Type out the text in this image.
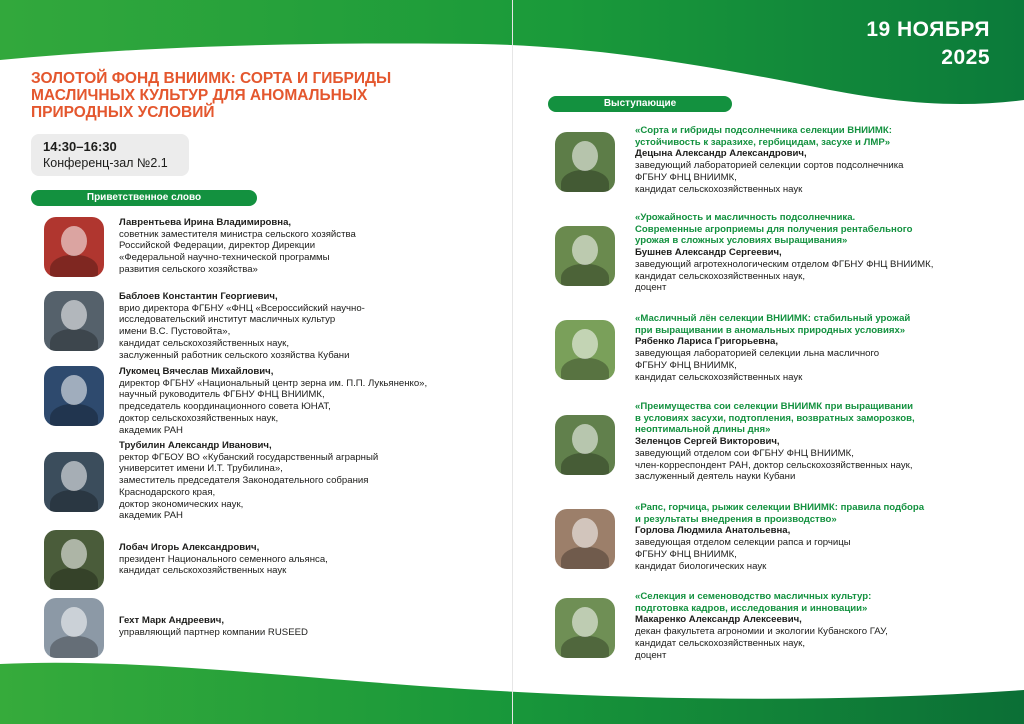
19 НОЯБРЯ
2025
ЗОЛОТОЙ ФОНД ВНИИМК: СОРТА И ГИБРИДЫ МАСЛИЧНЫХ КУЛЬТУР ДЛЯ АНОМАЛЬНЫХ ПРИРОДНЫХ УСЛОВИЙ
14:30–16:30
Конференц-зал №2.1
Приветственное слово
Выступающие
Лаврентьева Ирина Владимировна,
советник заместителя министра сельского хозяйства
Российской Федерации, директор Дирекции
«Федеральной научно-технической программы
развития сельского хозяйства»
Баблоев Константин Георгиевич,
врио директора ФГБНУ «ФНЦ «Всероссийский научно-
исследовательский институт масличных культур
имени В.С. Пустовойта»,
кандидат сельскохозяйственных наук,
заслуженный работник сельского хозяйства Кубани
Лукомец Вячеслав Михайлович,
директор ФГБНУ «Национальный центр зерна им. П.П. Лукьяненко»,
научный руководитель ФГБНУ ФНЦ ВНИИМК,
председатель координационного совета ЮНАТ,
доктор сельскохозяйственных наук,
академик РАН
Трубилин Александр Иванович,
ректор ФГБОУ ВО «Кубанский государственный аграрный
университет имени И.Т. Трубилина»,
заместитель председателя Законодательного собрания
Краснодарского края,
доктор экономических наук,
академик РАН
Лобач Игорь Александрович,
президент Национального семенного альянса,
кандидат сельскохозяйственных наук
Гехт Марк Андреевич,
управляющий партнер компании RUSEED
«Сорта и гибриды подсолнечника селекции ВНИИМК:
устойчивость к заразихе, гербицидам, засухе и ЛМР»
Децына Александр Александрович,
заведующий лабораторией селекции сортов подсолнечника
ФГБНУ ФНЦ ВНИИМК,
кандидат сельскохозяйственных наук
«Урожайность и масличность подсолнечника.
Современные агроприемы для получения рентабельного
урожая в сложных условиях выращивания»
Бушнев Александр Сергеевич,
заведующий агротехнологическим отделом ФГБНУ ФНЦ ВНИИМК,
кандидат сельскохозяйственных наук,
доцент
«Масличный лён селекции ВНИИМК: стабильный урожай
при выращивании в аномальных природных условиях»
Рябенко Лариса Григорьевна,
заведующая лабораторией селекции льна масличного
ФГБНУ ФНЦ ВНИИМК,
кандидат сельскохозяйственных наук
«Преимущества сои селекции ВНИИМК при выращивании
в условиях засухи, подтопления, возвратных заморозков,
неоптимальной длины дня»
Зеленцов Сергей Викторович,
заведующий отделом сои ФГБНУ ФНЦ ВНИИМК,
член-корреспондент РАН, доктор сельскохозяйственных наук,
заслуженный деятель науки Кубани
«Рапс, горчица, рыжик селекции ВНИИМК: правила подбора
и результаты внедрения в производство»
Горлова Людмила Анатольевна,
заведующая отделом селекции рапса и горчицы
ФГБНУ ФНЦ ВНИИМК,
кандидат биологических наук
«Селекция и семеноводство масличных культур:
подготовка кадров, исследования и инновации»
Макаренко Александр Алексеевич,
декан факультета агрономии и экологии Кубанского ГАУ,
кандидат сельскохозяйственных наук,
доцент
